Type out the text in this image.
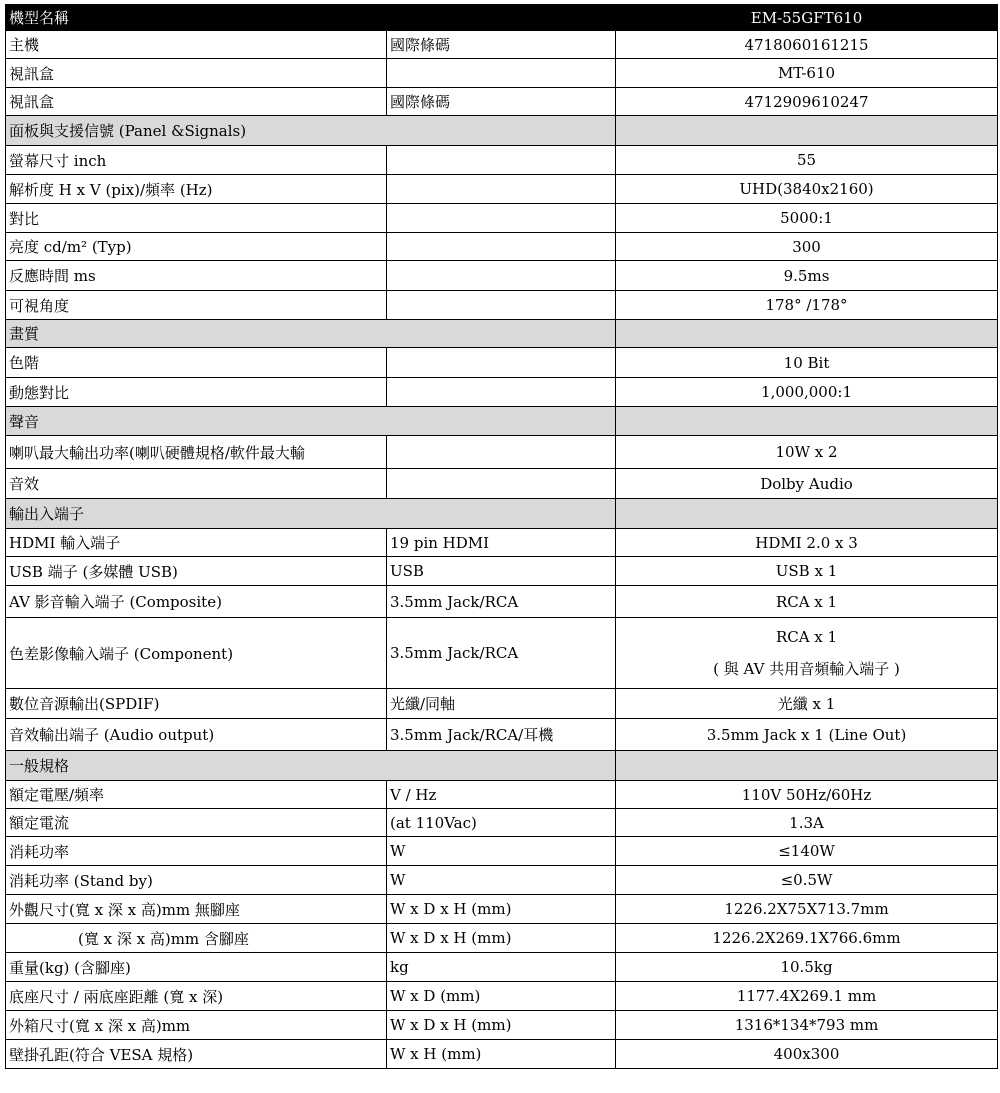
機型名稱		EM-55GFT610
主機	國際條碼	4718060161215
視訊盒		MT-610
視訊盒	國際條碼	4712909610247
面板與支援信號 (Panel &Signals)		
螢幕尺寸 inch		55
解析度 H x V (pix)/頻率 (Hz)		UHD(3840x2160)
對比		5000:1
亮度 cd/m² (Typ)		300
反應時間 ms		9.5ms
可視角度		178° /178°
畫質		
色階		10 Bit
動態對比		1,000,000:1
聲音		
喇叭最大輸出功率(喇叭硬體規格/軟件最大輸		10W x 2
音效		Dolby Audio
輸出入端子		
HDMI 輸入端子	19 pin HDMI	HDMI 2.0 x 3
USB 端子 (多媒體 USB)	USB	USB x 1
AV 影音輸入端子 (Composite)	3.5mm Jack/RCA	RCA x 1
色差影像輸入端子 (Component)	3.5mm Jack/RCA	RCA x 1
( 與 AV 共用音頻輸入端子 )

數位音源輸出(SPDIF)	光纖/同軸	光纖 x 1
音效輸出端子 (Audio output)	3.5mm Jack/RCA/耳機	3.5mm Jack x 1 (Line Out)
一般規格		
額定電壓/頻率	V / Hz	110V 50Hz/60Hz
額定電流	(at 110Vac)	1.3A
消耗功率	W	≤140W
消耗功率 (Stand by)	W	≤0.5W
外觀尺寸(寬 x 深 x 高)mm 無腳座	W x D x H (mm)	1226.2X75X713.7mm
(寬 x 深 x 高)mm 含腳座	W x D x H (mm)	1226.2X269.1X766.6mm
重量(kg) (含腳座)	kg	10.5kg
底座尺寸 / 兩底座距離 (寬 x 深)	W x D (mm)	1177.4X269.1 mm
外箱尺寸(寬 x 深 x 高)mm	W x D x H (mm)	1316*134*793 mm
壁掛孔距(符合 VESA 規格)	W x H (mm)	400x300
